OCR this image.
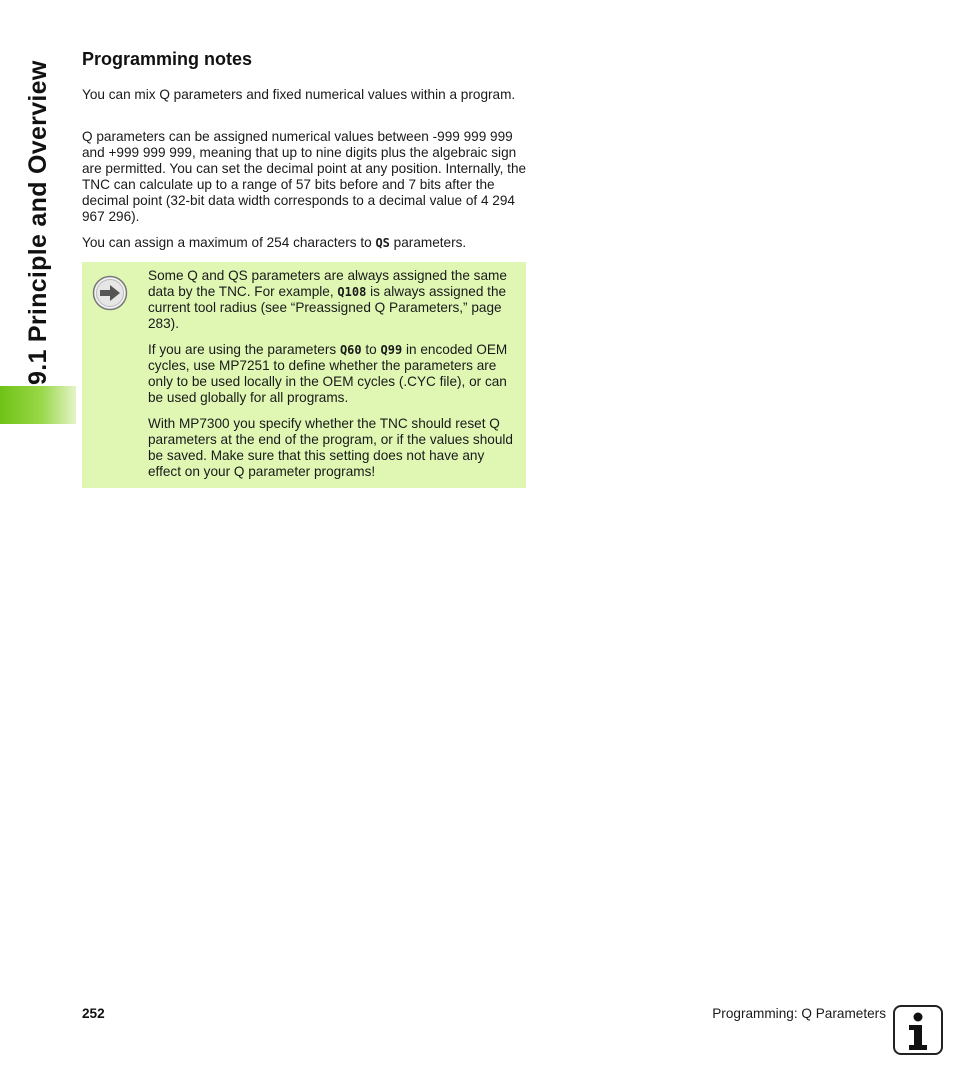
9.1 Principle and Overview
Programming notes

You can mix Q parameters and fixed numerical values within a program.

Q parameters can be assigned numerical values between -999 999 999 and +999 999 999, meaning that up to nine digits plus the algebraic sign are permitted. You can set the decimal point at any position. Internally, the TNC can calculate up to a range of 57 bits before and 7 bits after the decimal point (32-bit data width corresponds to a decimal value of 4 294 967 296).

You can assign a maximum of 254 characters to QS parameters.

Some Q and QS parameters are always assigned the same data by the TNC. For example, Q108 is always assigned the current tool radius (see “Preassigned Q Parameters,” page 283).

If you are using the parameters Q60 to Q99 in encoded OEM cycles, use MP7251 to define whether the parameters are only to be used locally in the OEM cycles (.CYC file), or can be used globally for all programs.

With MP7300 you specify whether the TNC should reset Q parameters at the end of the program, or if the values should be saved. Make sure that this setting does not have any effect on your Q parameter programs!

252	Programming: Q Parameters
